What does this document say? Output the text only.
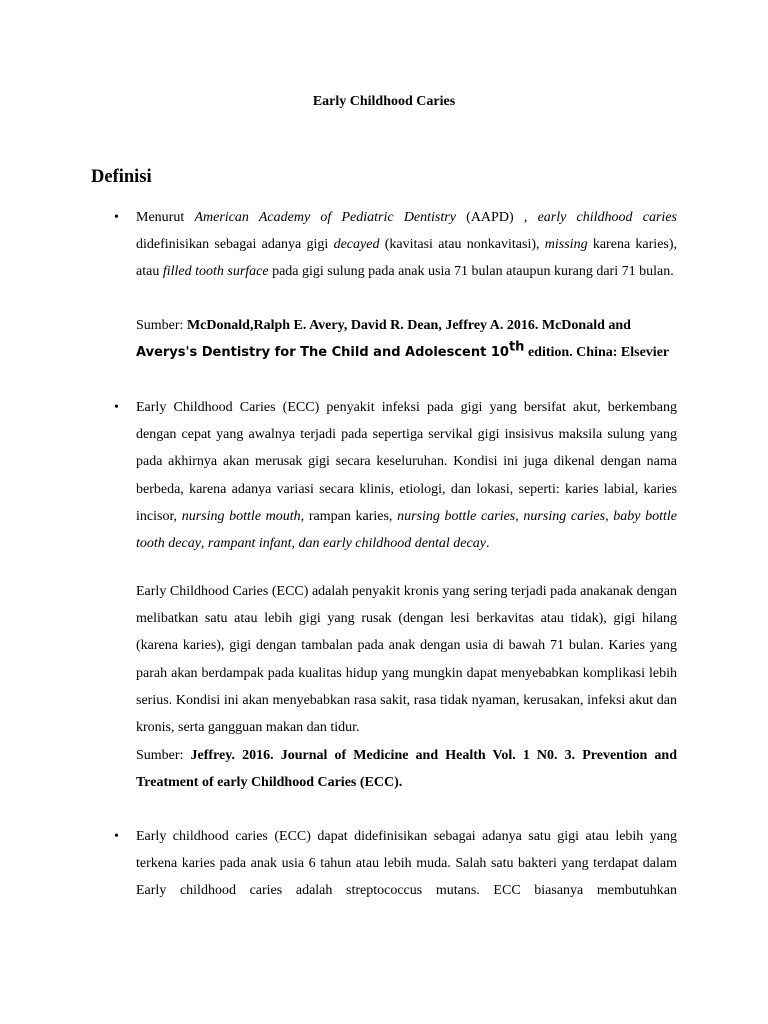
Early Childhood Caries
Definisi
• Menurut American Academy of Pediatric Dentistry (AAPD) , early childhood caries didefinisikan sebagai adanya gigi decayed (kavitasi atau nonkavitasi), missing karena karies), atau filled tooth surface pada gigi sulung pada anak usia 71 bulan ataupun kurang dari 71 bulan.

Sumber: McDonald,Ralph E. Avery, David R. Dean, Jeffrey A. 2016. McDonald and
Averys's Dentistry for The Child and Adolescent 10th edition. China: Elsevier

• Early Childhood Caries (ECC) penyakit infeksi pada gigi yang bersifat akut, berkembang dengan cepat yang awalnya terjadi pada sepertiga servikal gigi insisivus maksila sulung yang pada akhirnya akan merusak gigi secara keseluruhan. Kondisi ini juga dikenal dengan nama berbeda, karena adanya variasi secara klinis, etiologi, dan lokasi, seperti: karies labial, karies incisor, nursing bottle mouth, rampan karies, nursing bottle caries, nursing caries, baby bottle tooth decay, rampant infant, dan early childhood dental decay.

Early Childhood Caries (ECC) adalah penyakit kronis yang sering terjadi pada anakanak dengan melibatkan satu atau lebih gigi yang rusak (dengan lesi berkavitas atau tidak), gigi hilang (karena karies), gigi dengan tambalan pada anak dengan usia di bawah 71 bulan. Karies yang parah akan berdampak pada kualitas hidup yang mungkin dapat menyebabkan komplikasi lebih serius. Kondisi ini akan menyebabkan rasa sakit, rasa tidak nyaman, kerusakan, infeksi akut dan kronis, serta gangguan makan dan tidur.

Sumber: Jeffrey. 2016. Journal of Medicine and Health Vol. 1 N0. 3. Prevention and Treatment of early Childhood Caries (ECC).

• Early childhood caries (ECC) dapat didefinisikan sebagai adanya satu gigi atau lebih yang terkena karies pada anak usia 6 tahun atau lebih muda. Salah satu bakteri yang terdapat dalam Early childhood caries adalah streptococcus mutans. ECC biasanya membutuhkan
